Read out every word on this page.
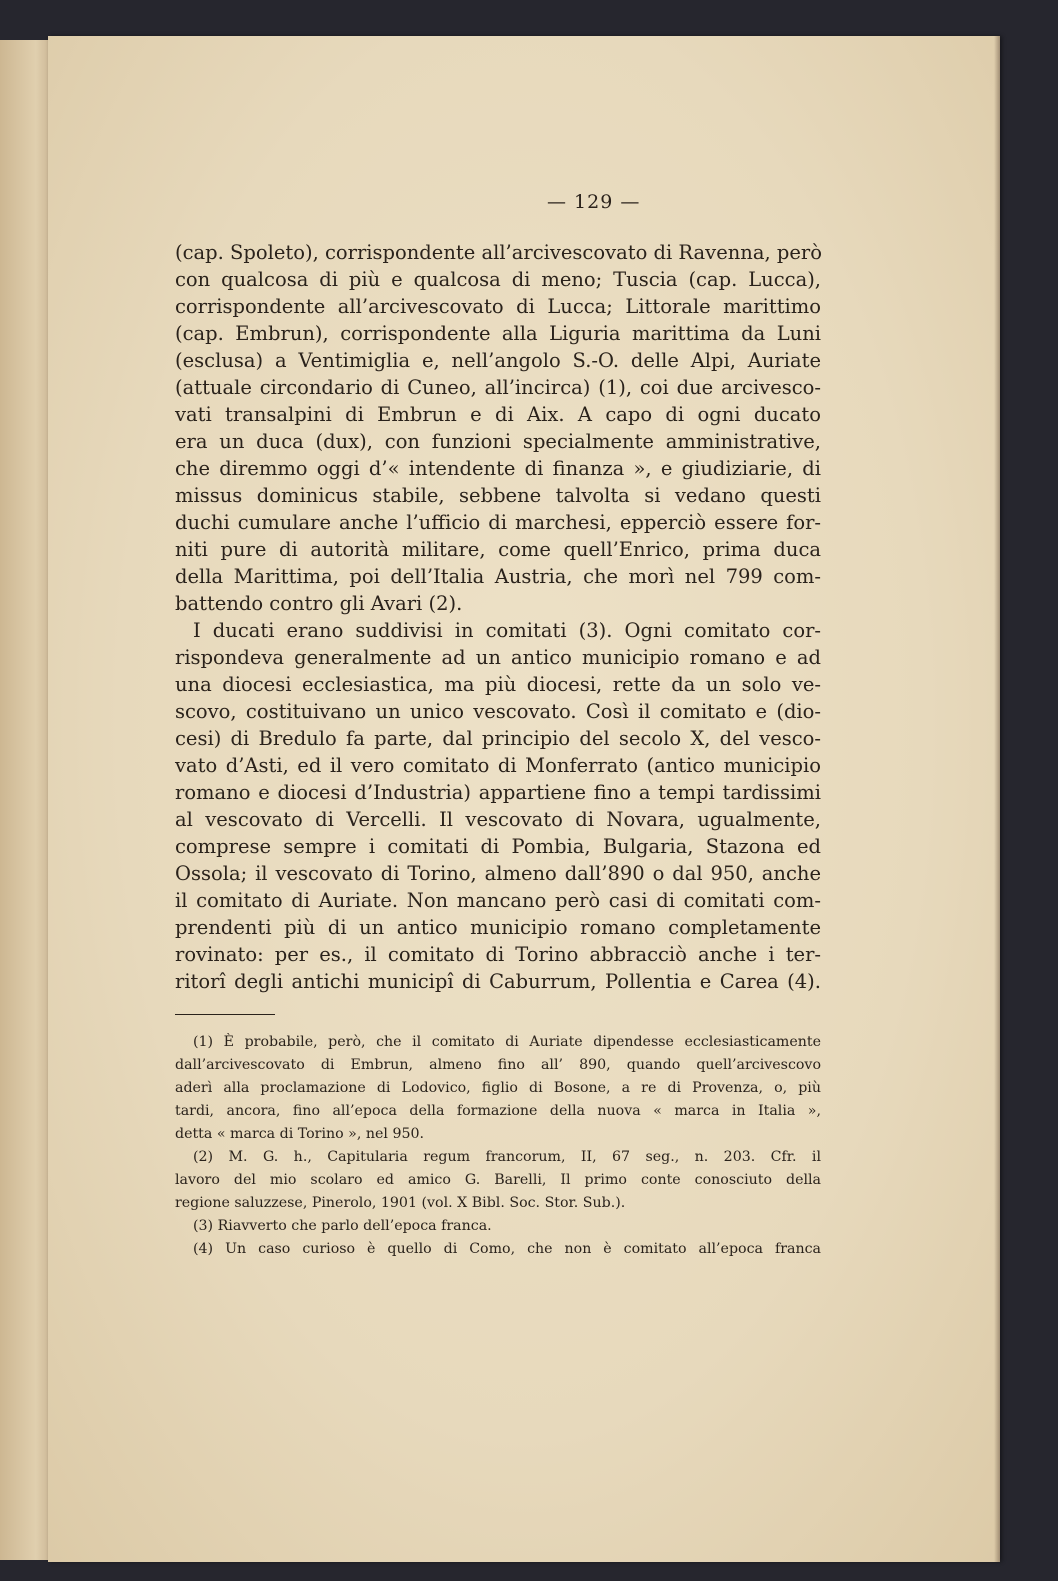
— 129 —
(cap. Spoleto), corrispondente all’arcivescovato di Ravenna, però
con qualcosa di più e qualcosa di meno; Tuscia (cap. Lucca),
corrispondente all’arcivescovato di Lucca; Littorale marittimo
(cap. Embrun), corrispondente alla Liguria marittima da Luni
(esclusa) a Ventimiglia e, nell’angolo S.-O. delle Alpi, Auriate
(attuale circondario di Cuneo, all’incirca) (1), coi due arcivesco-
vati transalpini di Embrun e di Aix. A capo di ogni ducato
era un duca (dux), con funzioni specialmente amministrative,
che diremmo oggi d’« intendente di finanza », e giudiziarie, di
missus dominicus stabile, sebbene talvolta si vedano questi
duchi cumulare anche l’ufficio di marchesi, epperciò essere for-
niti pure di autorità militare, come quell’Enrico, prima duca
della Marittima, poi dell’Italia Austria, che morì nel 799 com-
battendo contro gli Avari (2).
I ducati erano suddivisi in comitati (3). Ogni comitato cor-
rispondeva generalmente ad un antico municipio romano e ad
una diocesi ecclesiastica, ma più diocesi, rette da un solo ve-
scovo, costituivano un unico vescovato. Così il comitato e (dio-
cesi) di Bredulo fa parte, dal principio del secolo X, del vesco-
vato d’Asti, ed il vero comitato di Monferrato (antico municipio
romano e diocesi d’Industria) appartiene fino a tempi tardissimi
al vescovato di Vercelli. Il vescovato di Novara, ugualmente,
comprese sempre i comitati di Pombia, Bulgaria, Stazona ed
Ossola; il vescovato di Torino, almeno dall’890 o dal 950, anche
il comitato di Auriate. Non mancano però casi di comitati com-
prendenti più di un antico municipio romano completamente
rovinato: per es., il comitato di Torino abbracciò anche i ter-
ritorî degli antichi municipî di Caburrum, Pollentia e Carea (4).
(1) È probabile, però, che il comitato di Auriate dipendesse ecclesiasticamente
dall’arcivescovato di Embrun, almeno fino all’ 890, quando quell’arcivescovo
aderì alla proclamazione di Lodovico, figlio di Bosone, a re di Provenza, o, più
tardi, ancora, fino all’epoca della formazione della nuova « marca in Italia »,
detta « marca di Torino », nel 950.
(2) M. G. h., Capitularia regum francorum, II, 67 seg., n. 203. Cfr. il
lavoro del mio scolaro ed amico G. Barelli, Il primo conte conosciuto della
regione saluzzese, Pinerolo, 1901 (vol. X Bibl. Soc. Stor. Sub.).
(3) Riavverto che parlo dell’epoca franca.
(4) Un caso curioso è quello di Como, che non è comitato all’epoca franca
